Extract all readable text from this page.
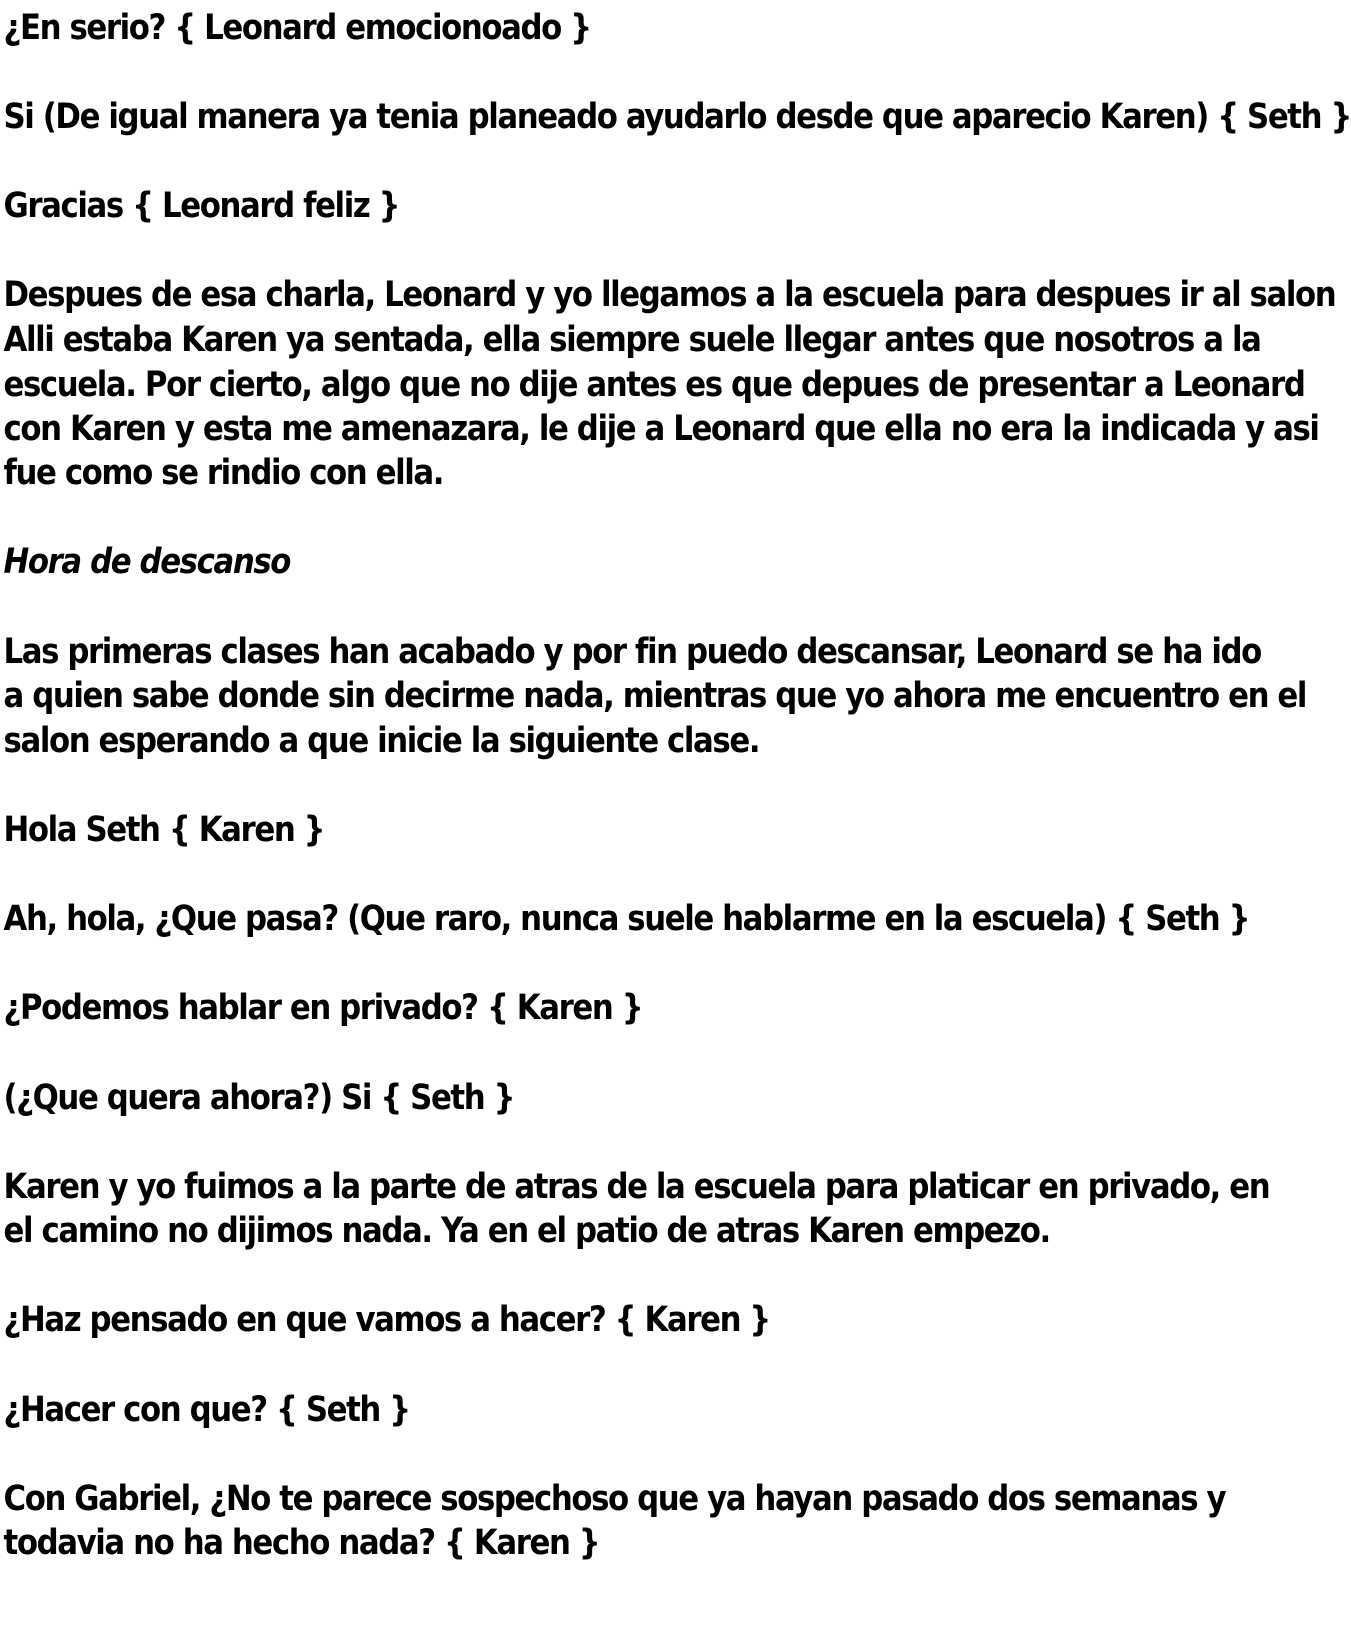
¿En serio? { Leonard emocionoado }
Si (De igual manera ya tenia planeado ayudarlo desde que aparecio Karen) { Seth }
Gracias { Leonard feliz }
Despues de esa charla, Leonard y yo llegamos a la escuela para despues ir al salon
Alli estaba Karen ya sentada, ella siempre suele llegar antes que nosotros a la
escuela. Por cierto, algo que no dije antes es que depues de presentar a Leonard
con Karen y esta me amenazara, le dije a Leonard que ella no era la indicada y asi
fue como se rindio con ella.
Hora de descanso
Las primeras clases han acabado y por fin puedo descansar, Leonard se ha ido
a quien sabe donde sin decirme nada, mientras que yo ahora me encuentro en el
salon esperando a que inicie la siguiente clase.
Hola Seth { Karen }
Ah, hola, ¿Que pasa? (Que raro, nunca suele hablarme en la escuela) { Seth }
¿Podemos hablar en privado? { Karen }
(¿Que quera ahora?) Si { Seth }
Karen y yo fuimos a la parte de atras de la escuela para platicar en privado, en
el camino no dijimos nada. Ya en el patio de atras Karen empezo.
¿Haz pensado en que vamos a hacer? { Karen }
¿Hacer con que? { Seth }
Con Gabriel, ¿No te parece sospechoso que ya hayan pasado dos semanas y
todavia no ha hecho nada? { Karen }
